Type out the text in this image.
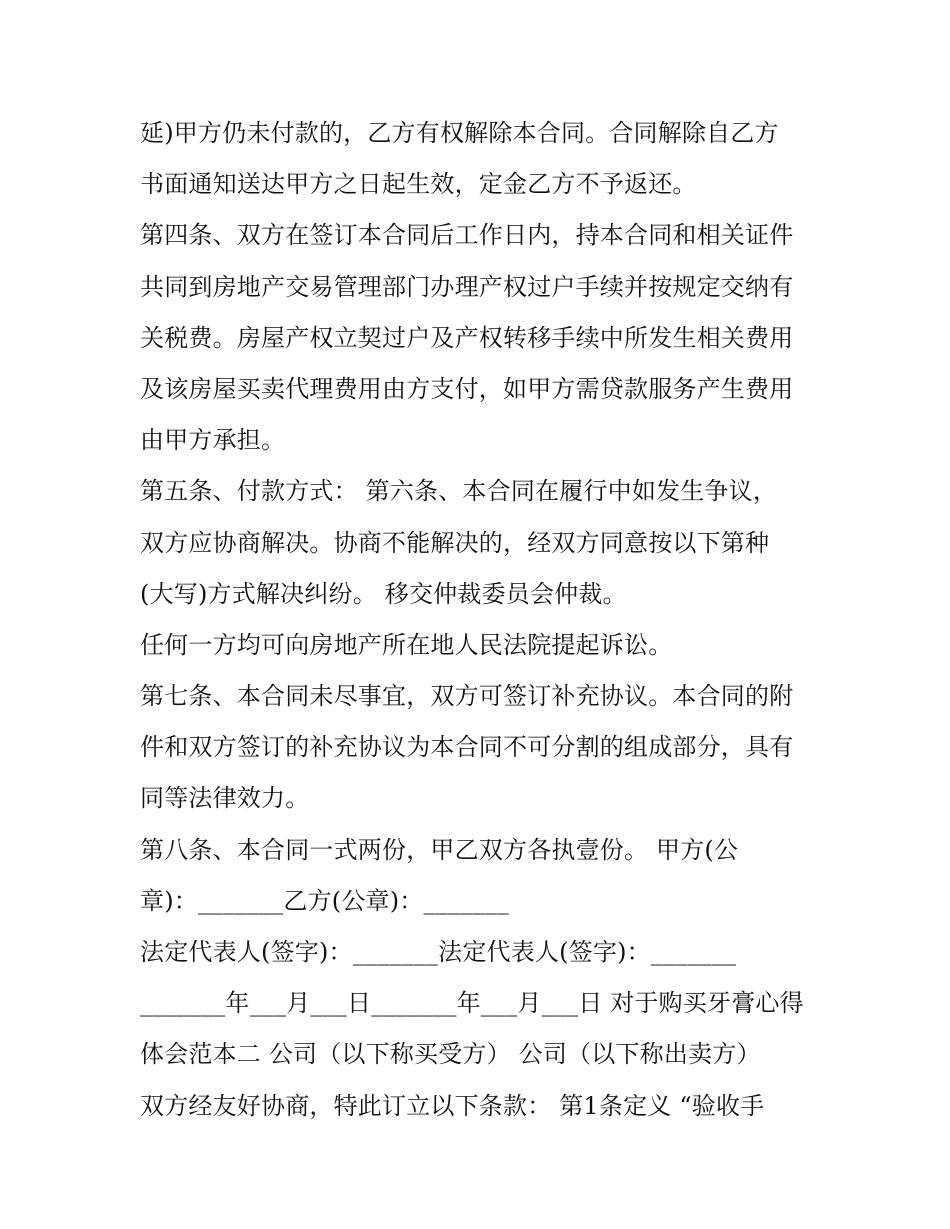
延)甲方仍未付款的，乙方有权解除本合同。合同解除自乙方
书面通知送达甲方之日起生效，定金乙方不予返还。
第四条、双方在签订本合同后工作日内，持本合同和相关证件
共同到房地产交易管理部门办理产权过户手续并按规定交纳有
关税费。房屋产权立契过户及产权转移手续中所发生相关费用
及该房屋买卖代理费用由方支付，如甲方需贷款服务产生费用
由甲方承担。
第五条、付款方式： 第六条、本合同在履行中如发生争议，
双方应协商解决。协商不能解决的，经双方同意按以下第种
(大写)方式解决纠纷。 移交仲裁委员会仲裁。
任何一方均可向房地产所在地人民法院提起诉讼。
第七条、本合同未尽事宜，双方可签订补充协议。本合同的附
件和双方签订的补充协议为本合同不可分割的组成部分，具有
同等法律效力。
第八条、本合同一式两份，甲乙双方各执壹份。 甲方(公
章)：_______乙方(公章)：_______
法定代表人(签字)：_______法定代表人(签字)：_______
_______年___月___日_______年___月___日 对于购买牙膏心得
体会范本二 公司（以下称买受方） 公司（以下称出卖方）
双方经友好协商，特此订立以下条款： 第1条定义 “验收手
